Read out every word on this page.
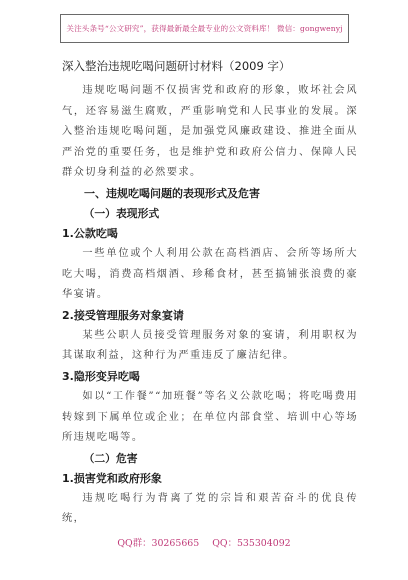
关注头条号“公文研究”，获得最新最全最专业的公文资料库！ 微信：gongwenyj
深入整治违规吃喝问题研讨材料（2009 字）

违规吃喝问题不仅损害党和政府的形象，败坏社会风气，还容易滋生腐败，严重影响党和人民事业的发展。深入整治违规吃喝问题，是加强党风廉政建设、推进全面从严治党的重要任务，也是维护党和政府公信力、保障人民群众切身利益的必然要求。

一、违规吃喝问题的表现形式及危害
（一）表现形式
1.公款吃喝

一些单位或个人利用公款在高档酒店、会所等场所大吃大喝，消费高档烟酒、珍稀食材，甚至搞铺张浪费的豪华宴请。

2.接受管理服务对象宴请

某些公职人员接受管理服务对象的宴请，利用职权为其谋取利益，这种行为严重违反了廉洁纪律。

3.隐形变异吃喝

如以“工作餐”“加班餐”等名义公款吃喝；将吃喝费用转嫁到下属单位或企业；在单位内部食堂、培训中心等场所违规吃喝等。

（二）危害
1.损害党和政府形象

违规吃喝行为背离了党的宗旨和艰苦奋斗的优良传统，

QQ群：30265665 QQ：535304092
